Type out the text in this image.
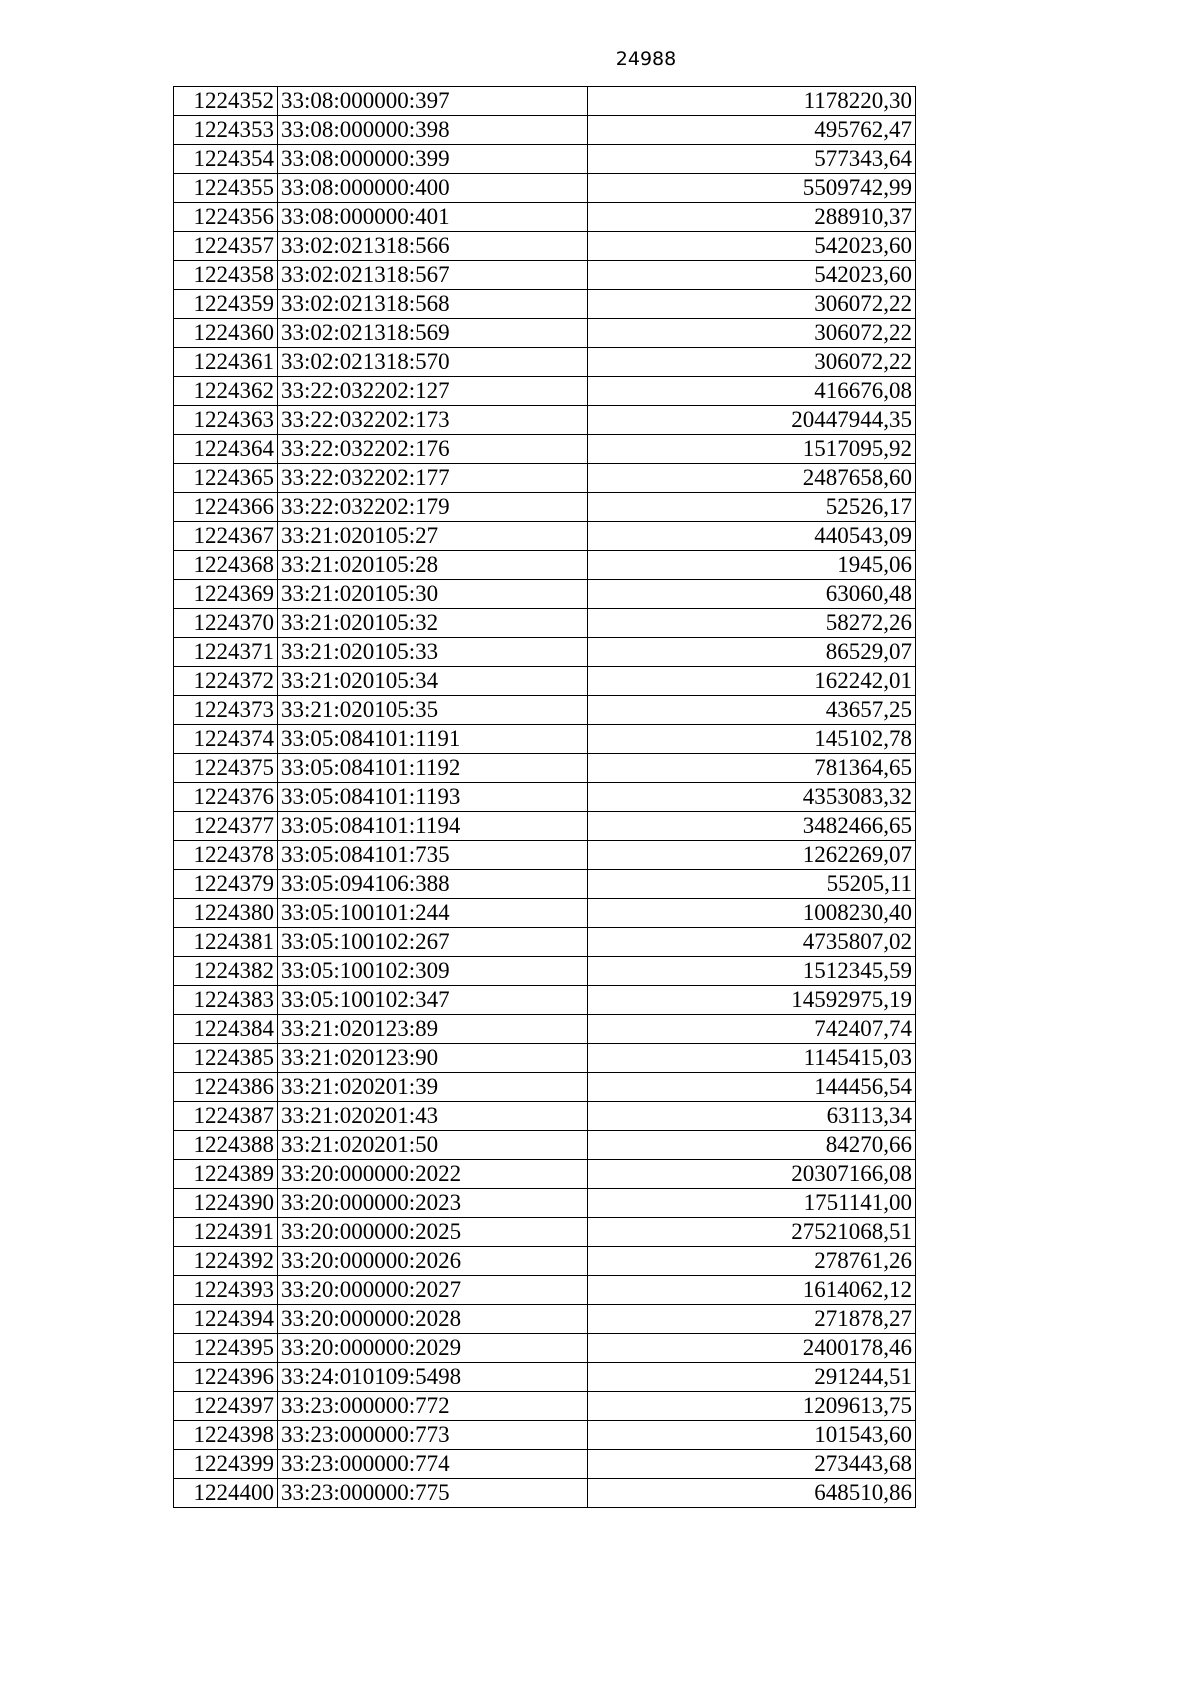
24988
1224352	33:08:000000:397	1178220,30
1224353	33:08:000000:398	495762,47
1224354	33:08:000000:399	577343,64
1224355	33:08:000000:400	5509742,99
1224356	33:08:000000:401	288910,37
1224357	33:02:021318:566	542023,60
1224358	33:02:021318:567	542023,60
1224359	33:02:021318:568	306072,22
1224360	33:02:021318:569	306072,22
1224361	33:02:021318:570	306072,22
1224362	33:22:032202:127	416676,08
1224363	33:22:032202:173	20447944,35
1224364	33:22:032202:176	1517095,92
1224365	33:22:032202:177	2487658,60
1224366	33:22:032202:179	52526,17
1224367	33:21:020105:27	440543,09
1224368	33:21:020105:28	1945,06
1224369	33:21:020105:30	63060,48
1224370	33:21:020105:32	58272,26
1224371	33:21:020105:33	86529,07
1224372	33:21:020105:34	162242,01
1224373	33:21:020105:35	43657,25
1224374	33:05:084101:1191	145102,78
1224375	33:05:084101:1192	781364,65
1224376	33:05:084101:1193	4353083,32
1224377	33:05:084101:1194	3482466,65
1224378	33:05:084101:735	1262269,07
1224379	33:05:094106:388	55205,11
1224380	33:05:100101:244	1008230,40
1224381	33:05:100102:267	4735807,02
1224382	33:05:100102:309	1512345,59
1224383	33:05:100102:347	14592975,19
1224384	33:21:020123:89	742407,74
1224385	33:21:020123:90	1145415,03
1224386	33:21:020201:39	144456,54
1224387	33:21:020201:43	63113,34
1224388	33:21:020201:50	84270,66
1224389	33:20:000000:2022	20307166,08
1224390	33:20:000000:2023	1751141,00
1224391	33:20:000000:2025	27521068,51
1224392	33:20:000000:2026	278761,26
1224393	33:20:000000:2027	1614062,12
1224394	33:20:000000:2028	271878,27
1224395	33:20:000000:2029	2400178,46
1224396	33:24:010109:5498	291244,51
1224397	33:23:000000:772	1209613,75
1224398	33:23:000000:773	101543,60
1224399	33:23:000000:774	273443,68
1224400	33:23:000000:775	648510,86
